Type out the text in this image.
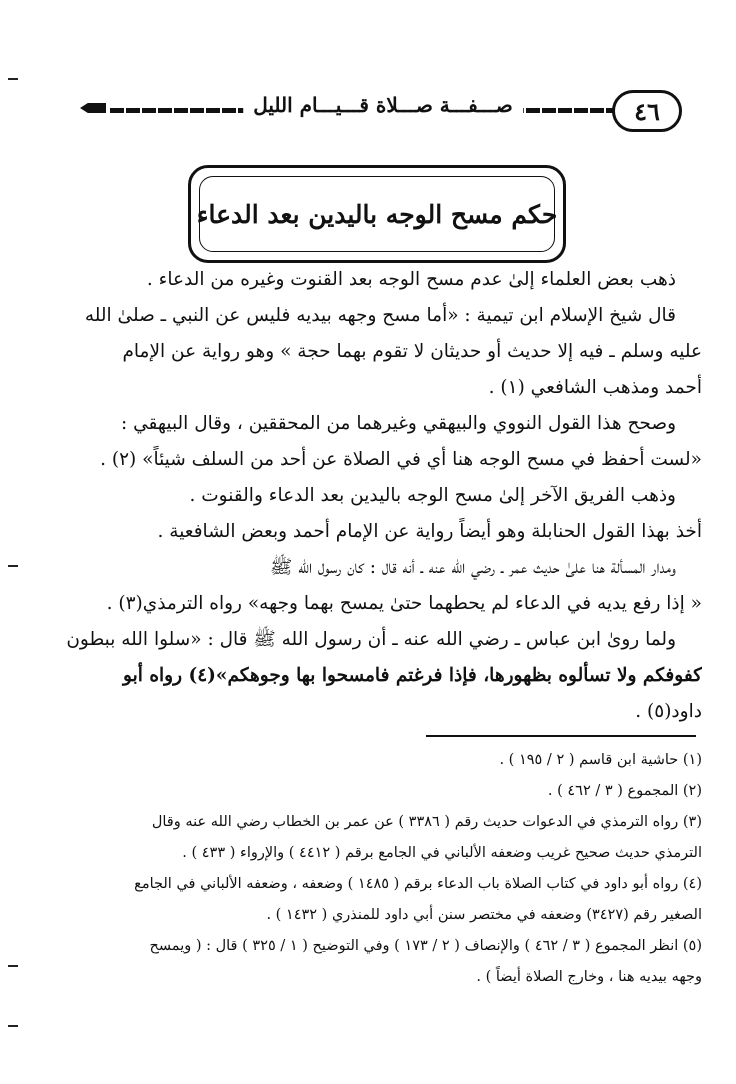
صـــفـــة صـــلاة قـــيـــام الليل	٤٦
حكم مسح الوجه باليدين بعد الدعاء
ذهب بعض العلماء إلىٰ عدم مسح الوجه بعد القنوت وغيره من الدعاء .
قال شيخ الإسلام ابن تيمية : «أما مسح وجهه بيديه فليس عن النبي ـ صلىٰ الله
عليه وسلم ـ فيه إلا حديث أو حديثان لا تقوم بهما حجة » وهو رواية عن الإمام
أحمد ومذهب الشافعي (١) .
وصحح هذا القول النووي والبيهقي وغيرهما من المحققين ، وقال البيهقي :
«لست أحفظ في مسح الوجه هنا أي في الصلاة عن أحد من السلف شيئاً» (٢) .
وذهب الفريق الآخر إلىٰ مسح الوجه باليدين بعد الدعاء والقنوت .
أخذ بهذا القول الحنابلة وهو أيضاً رواية عن الإمام أحمد وبعض الشافعية .
ومدار المسألة هنا علىٰ حديث عمر ـ رضي الله عنه ـ أنه قال : كان رسول الله ﷺ
« إذا رفع يديه في الدعاء لم يحطهما حتىٰ يمسح بهما وجهه» رواه الترمذي(٣) .
ولما روىٰ ابن عباس ـ رضي الله عنه ـ أن رسول الله ﷺ قال : «سلوا الله ببطون
كفوفكم ولا تسألوه بظهورها، فإذا فرغتم فامسحوا بها وجوهكم»(٤) رواه أبو
داود(٥) .
(١) حاشية ابن قاسم ( ٢ / ١٩٥ ) .
(٢) المجموع ( ٣ / ٤٦٢ ) .
(٣) رواه الترمذي في الدعوات حديث رقم ( ٣٣٨٦ ) عن عمر بن الخطاب رضي الله عنه وقال
الترمذي حديث صحيح غريب وضعفه الألباني في الجامع برقم ( ٤٤١٢ ) والإرواء ( ٤٣٣ ) .
(٤) رواه أبو داود في كتاب الصلاة باب الدعاء برقم ( ١٤٨٥ ) وضعفه ، وضعفه الألباني في الجامع
الصغير رقم (٣٤٢٧) وضعفه في مختصر سنن أبي داود للمنذري ( ١٤٣٢ ) .
(٥) انظر المجموع ( ٣ / ٤٦٢ ) والإنصاف ( ٢ / ١٧٣ ) وفي التوضيح ( ١ / ٣٢٥ ) قال : ( ويمسح
وجهه بيديه هنا ، وخارج الصلاة أيضاً ) .
